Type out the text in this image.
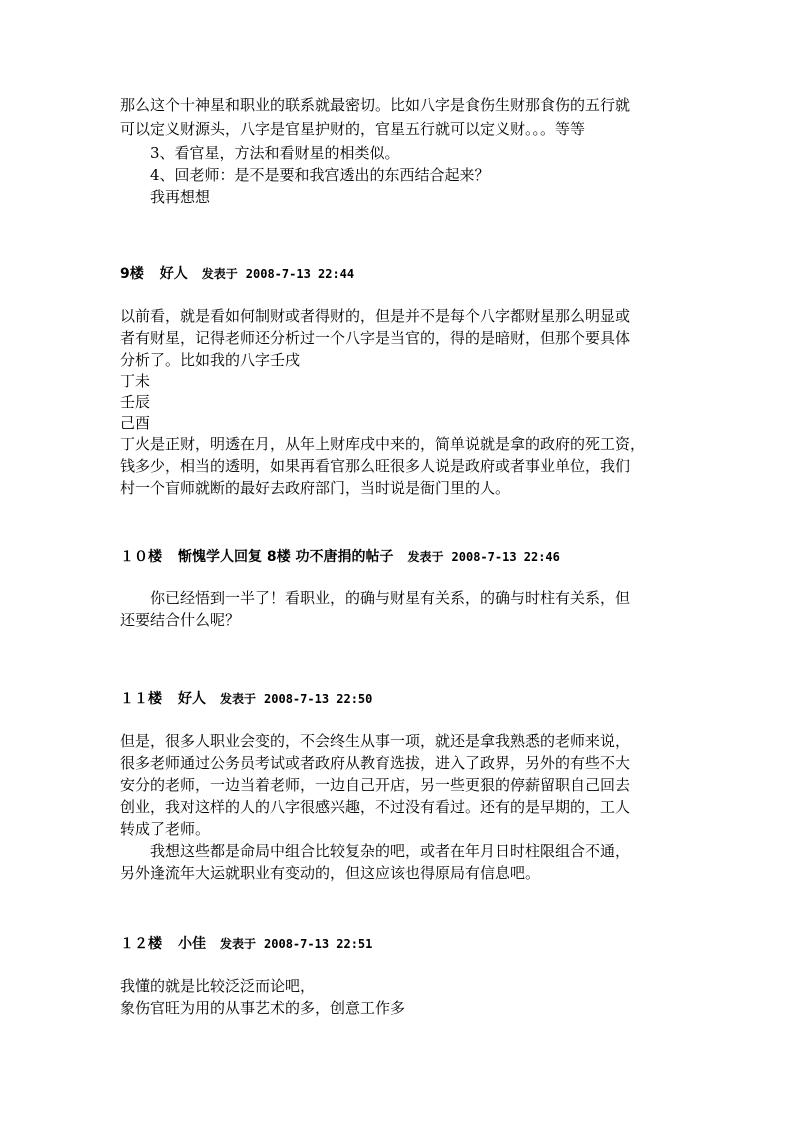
那么这个十神星和职业的联系就最密切。比如八字是食伤生财那食伤的五行就
可以定义财源头，八字是官星护财的，官星五行就可以定义财。。。等等
3、看官星，方法和看财星的相类似。
4、回老师：是不是要和我宫透出的东西结合起来？
我再想想
9楼 好人 发表于 2008-7-13 22:44
以前看，就是看如何制财或者得财的，但是并不是每个八字都财星那么明显或
者有财星，记得老师还分析过一个八字是当官的，得的是暗财，但那个要具体
分析了。比如我的八字壬戌
丁未
壬辰
己酉
丁火是正财，明透在月，从年上财库戌中来的，简单说就是拿的政府的死工资，
钱多少，相当的透明，如果再看官那么旺很多人说是政府或者事业单位，我们
村一个盲师就断的最好去政府部门，当时说是衙门里的人。
１０楼 惭愧学人回复 8楼 功不唐捐的帖子 发表于 2008-7-13 22:46
你已经悟到一半了！看职业，的确与财星有关系，的确与时柱有关系，但
还要结合什么呢？
１１楼 好人 发表于 2008-7-13 22:50
但是，很多人职业会变的，不会终生从事一项，就还是拿我熟悉的老师来说，
很多老师通过公务员考试或者政府从教育选拔，进入了政界，另外的有些不大
安分的老师，一边当着老师，一边自己开店，另一些更狠的停薪留职自己回去
创业，我对这样的人的八字很感兴趣，不过没有看过。还有的是早期的，工人
转成了老师。
我想这些都是命局中组合比较复杂的吧，或者在年月日时柱限组合不通，
另外逢流年大运就职业有变动的，但这应该也得原局有信息吧。
１２楼 小佳 发表于 2008-7-13 22:51
我懂的就是比较泛泛而论吧，
象伤官旺为用的从事艺术的多，创意工作多
